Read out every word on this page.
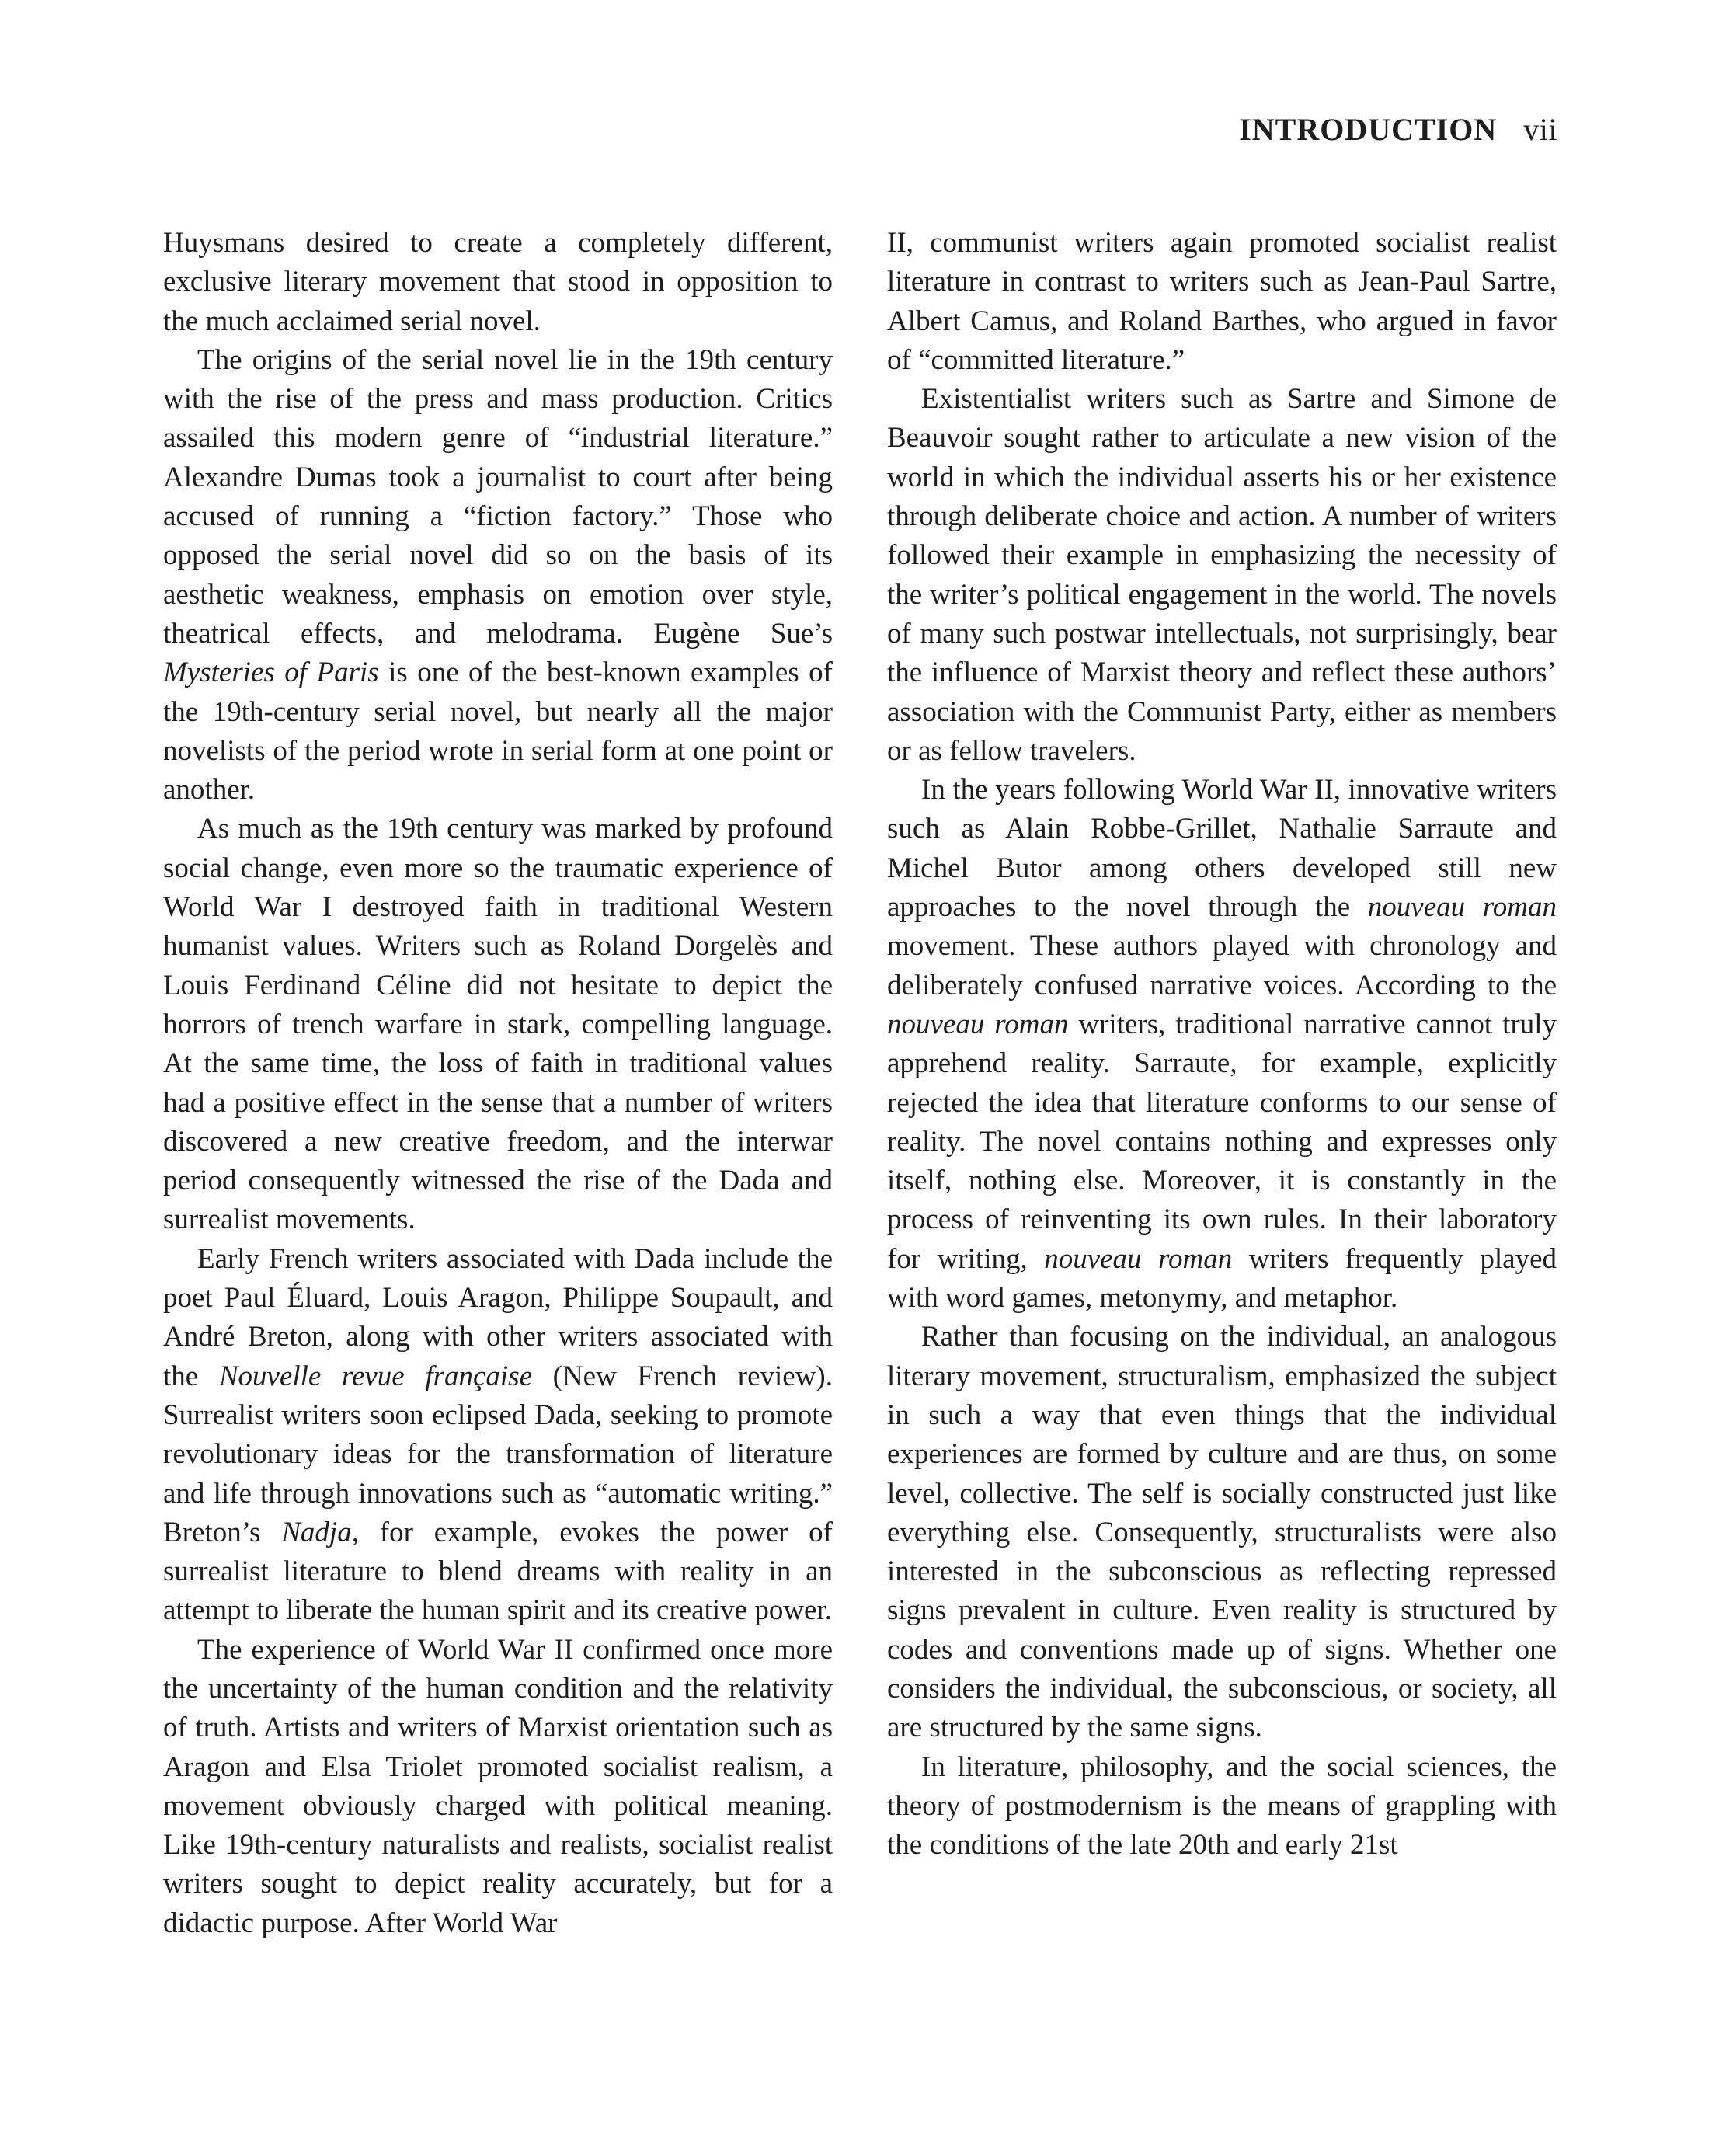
INTRODUCTION vii

Huysmans desired to create a completely different, exclusive literary movement that stood in opposition to the much acclaimed serial novel.

The origins of the serial novel lie in the 19th century with the rise of the press and mass production. Critics assailed this modern genre of “industrial literature.” Alexandre Dumas took a journalist to court after being accused of running a “fiction factory.” Those who opposed the serial novel did so on the basis of its aesthetic weakness, emphasis on emotion over style, theatrical effects, and melodrama. Eugène Sue’s Mysteries of Paris is one of the best-known examples of the 19th-century serial novel, but nearly all the major novelists of the period wrote in serial form at one point or another.

As much as the 19th century was marked by profound social change, even more so the traumatic experience of World War I destroyed faith in traditional Western humanist values. Writers such as Roland Dorgelès and Louis Ferdinand Céline did not hesitate to depict the horrors of trench warfare in stark, compelling language. At the same time, the loss of faith in traditional values had a positive effect in the sense that a number of writers discovered a new creative freedom, and the interwar period consequently witnessed the rise of the Dada and surrealist movements.

Early French writers associated with Dada include the poet Paul Éluard, Louis Aragon, Philippe Soupault, and André Breton, along with other writers associated with the Nouvelle revue française (New French review). Surrealist writers soon eclipsed Dada, seeking to promote revolutionary ideas for the transformation of literature and life through innovations such as “automatic writing.” Breton’s Nadja, for example, evokes the power of surrealist literature to blend dreams with reality in an attempt to liberate the human spirit and its creative power.

The experience of World War II confirmed once more the uncertainty of the human condition and the relativity of truth. Artists and writers of Marxist orientation such as Aragon and Elsa Triolet promoted socialist realism, a movement obviously charged with political meaning. Like 19th-century naturalists and realists, socialist realist writers sought to depict reality accurately, but for a didactic purpose. After World War

II, communist writers again promoted socialist realist literature in contrast to writers such as Jean-Paul Sartre, Albert Camus, and Roland Barthes, who argued in favor of “committed literature.”

Existentialist writers such as Sartre and Simone de Beauvoir sought rather to articulate a new vision of the world in which the individual asserts his or her existence through deliberate choice and action. A number of writers followed their example in emphasizing the necessity of the writer’s political engagement in the world. The novels of many such postwar intellectuals, not surprisingly, bear the influence of Marxist theory and reflect these authors’ association with the Communist Party, either as members or as fellow travelers.

In the years following World War II, innovative writers such as Alain Robbe-Grillet, Nathalie Sarraute and Michel Butor among others developed still new approaches to the novel through the nouveau roman movement. These authors played with chronology and deliberately confused narrative voices. According to the nouveau roman writers, traditional narrative cannot truly apprehend reality. Sarraute, for example, explicitly rejected the idea that literature conforms to our sense of reality. The novel contains nothing and expresses only itself, nothing else. Moreover, it is constantly in the process of reinventing its own rules. In their laboratory for writing, nouveau roman writers frequently played with word games, metonymy, and metaphor.

Rather than focusing on the individual, an analogous literary movement, structuralism, emphasized the subject in such a way that even things that the individual experiences are formed by culture and are thus, on some level, collective. The self is socially constructed just like everything else. Consequently, structuralists were also interested in the subconscious as reflecting repressed signs prevalent in culture. Even reality is structured by codes and conventions made up of signs. Whether one considers the individual, the subconscious, or society, all are structured by the same signs.

In literature, philosophy, and the social sciences, the theory of postmodernism is the means of grappling with the conditions of the late 20th and early 21st
